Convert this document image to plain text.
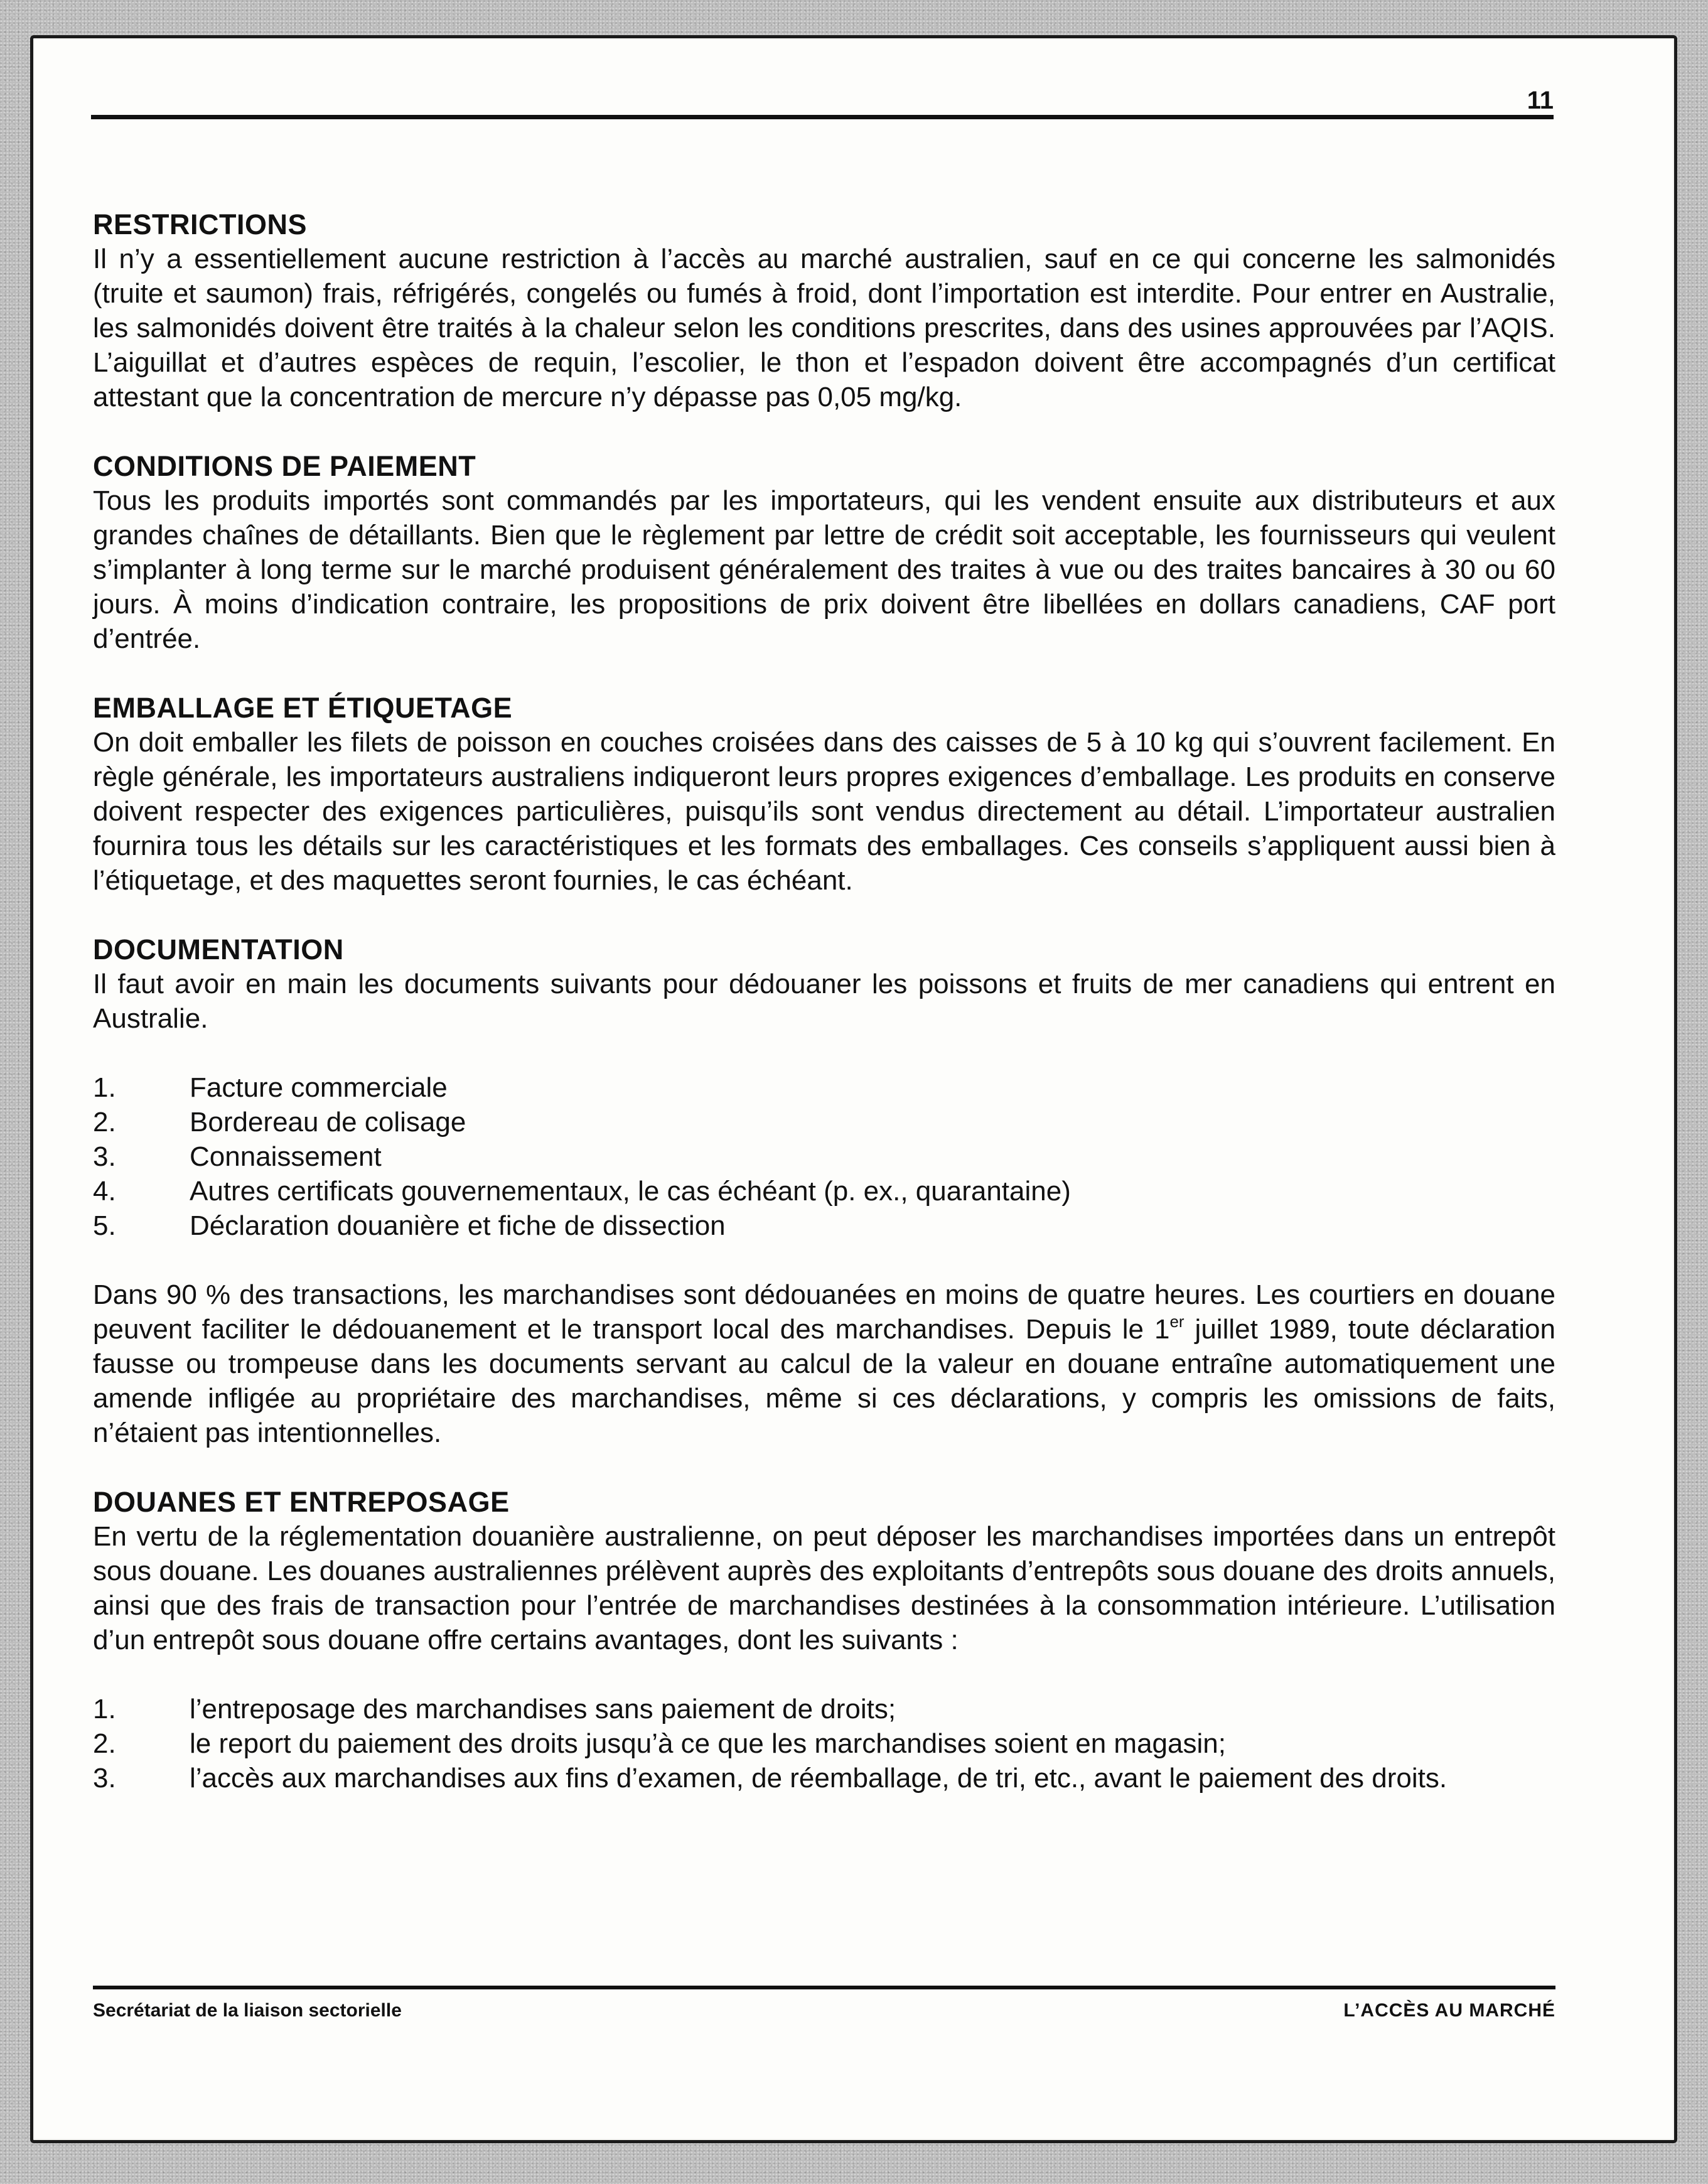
11
RESTRICTIONS

Il n’y a essentiellement aucune restriction à l’accès au marché australien, sauf en ce qui concerne les salmonidés (truite et saumon) frais, réfrigérés, congelés ou fumés à froid, dont l’importation est interdite. Pour entrer en Australie, les salmonidés doivent être traités à la chaleur selon les conditions prescrites, dans des usines approuvées par l’AQIS. L’aiguillat et d’autres espèces de requin, l’escolier, le thon et l’espadon doivent être accompagnés d’un certificat attestant que la concentration de mercure n’y dépasse pas 0,05 mg/kg.

CONDITIONS DE PAIEMENT

Tous les produits importés sont commandés par les importateurs, qui les vendent ensuite aux distributeurs et aux grandes chaînes de détaillants. Bien que le règlement par lettre de crédit soit acceptable, les fournisseurs qui veulent s’implanter à long terme sur le marché produisent généralement des traites à vue ou des traites bancaires à 30 ou 60 jours. À moins d’indication contraire, les propositions de prix doivent être libellées en dollars canadiens, CAF port d’entrée.

EMBALLAGE ET ÉTIQUETAGE

On doit emballer les filets de poisson en couches croisées dans des caisses de 5 à 10 kg qui s’ouvrent facilement. En règle générale, les importateurs australiens indiqueront leurs propres exigences d’emballage. Les produits en conserve doivent respecter des exigences particulières, puisqu’ils sont vendus directement au détail. L’importateur australien fournira tous les détails sur les caractéristiques et les formats des emballages. Ces conseils s’appliquent aussi bien à l’étiquetage, et des maquettes seront fournies, le cas échéant.

DOCUMENTATION

Il faut avoir en main les documents suivants pour dédouaner les poissons et fruits de mer canadiens qui entrent en Australie.

1.	Facture commerciale
2.	Bordereau de colisage
3.	Connaissement
4.	Autres certificats gouvernementaux, le cas échéant (p. ex., quarantaine)
5.	Déclaration douanière et fiche de dissection

Dans 90 % des transactions, les marchandises sont dédouanées en moins de quatre heures. Les courtiers en douane peuvent faciliter le dédouanement et le transport local des marchandises. Depuis le 1er juillet 1989, toute déclaration fausse ou trompeuse dans les documents servant au calcul de la valeur en douane entraîne automatiquement une amende infligée au propriétaire des marchandises, même si ces déclarations, y compris les omissions de faits, n’étaient pas intentionnelles.

DOUANES ET ENTREPOSAGE

En vertu de la réglementation douanière australienne, on peut déposer les marchandises importées dans un entrepôt sous douane. Les douanes australiennes prélèvent auprès des exploitants d’entrepôts sous douane des droits annuels, ainsi que des frais de transaction pour l’entrée de marchandises destinées à la consommation intérieure. L’utilisation d’un entrepôt sous douane offre certains avantages, dont les suivants :

1.	l’entreposage des marchandises sans paiement de droits;
2.	le report du paiement des droits jusqu’à ce que les marchandises soient en magasin;
3.	l’accès aux marchandises aux fins d’examen, de réemballage, de tri, etc., avant le paiement des droits.
Secrétariat de la liaison sectorielle	L’ACCÈS AU MARCHÉ
